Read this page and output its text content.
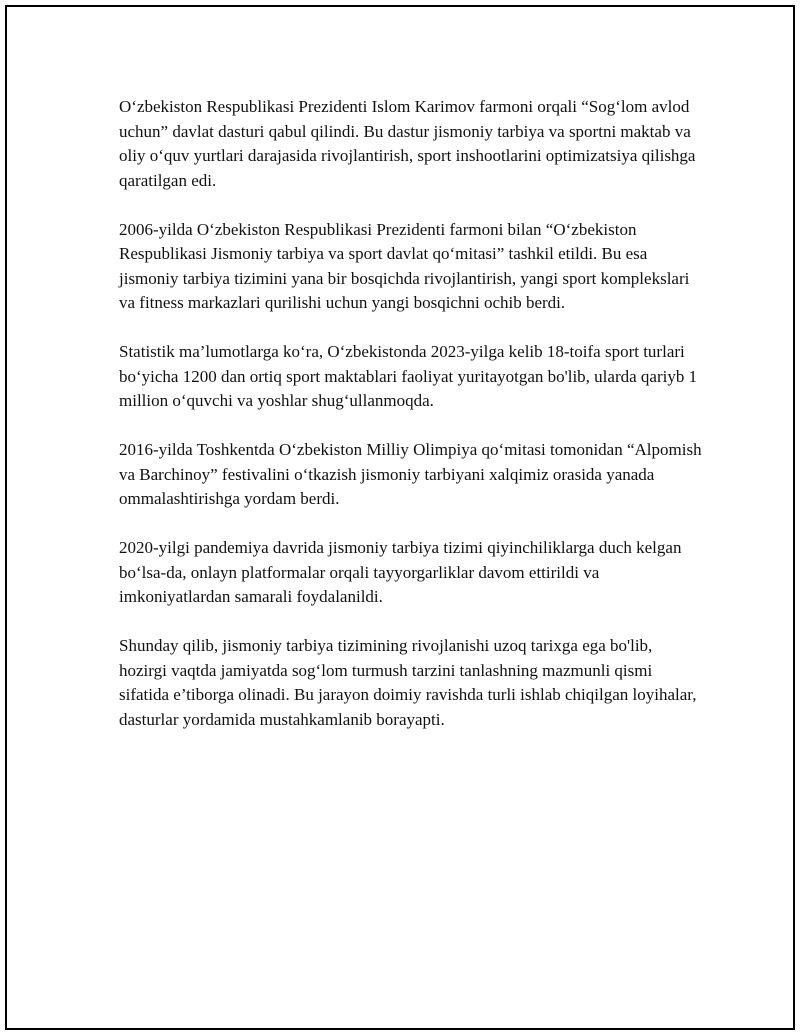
O‘zbekiston Respublikasi Prezidenti Islom Karimov farmoni orqali “Sog‘lom avlod uchun” davlat dasturi qabul qilindi. Bu dastur jismoniy tarbiya va sportni maktab va oliy o‘quv yurtlari darajasida rivojlantirish, sport inshootlarini optimizatsiya qilishga qaratilgan edi.

2006-yilda O‘zbekiston Respublikasi Prezidenti farmoni bilan “O‘zbekiston Respublikasi Jismoniy tarbiya va sport davlat qo‘mitasi” tashkil etildi. Bu esa jismoniy tarbiya tizimini yana bir bosqichda rivojlantirish, yangi sport komplekslari va fitness markazlari qurilishi uchun yangi bosqichni ochib berdi.

Statistik ma’lumotlarga ko‘ra, O‘zbekistonda 2023-yilga kelib 18-toifa sport turlari bo‘yicha 1200 dan ortiq sport maktablari faoliyat yuritayotgan bo'lib, ularda qariyb 1 million o‘quvchi va yoshlar shug‘ullanmoqda.

2016-yilda Toshkentda O‘zbekiston Milliy Olimpiya qo‘mitasi tomonidan “Alpomish va Barchinoy” festivalini o‘tkazish jismoniy tarbiyani xalqimiz orasida yanada ommalashtirishga yordam berdi.

2020-yilgi pandemiya davrida jismoniy tarbiya tizimi qiyinchiliklarga duch kelgan bo‘lsa-da, onlayn platformalar orqali tayyorgarliklar davom ettirildi va imkoniyatlardan samarali foydalanildi.

Shunday qilib, jismoniy tarbiya tizimining rivojlanishi uzoq tarixga ega bo'lib, hozirgi vaqtda jamiyatda sog‘lom turmush tarzini tanlashning mazmunli qismi sifatida e’tiborga olinadi. Bu jarayon doimiy ravishda turli ishlab chiqilgan loyihalar, dasturlar yordamida mustahkamlanib borayapti.
